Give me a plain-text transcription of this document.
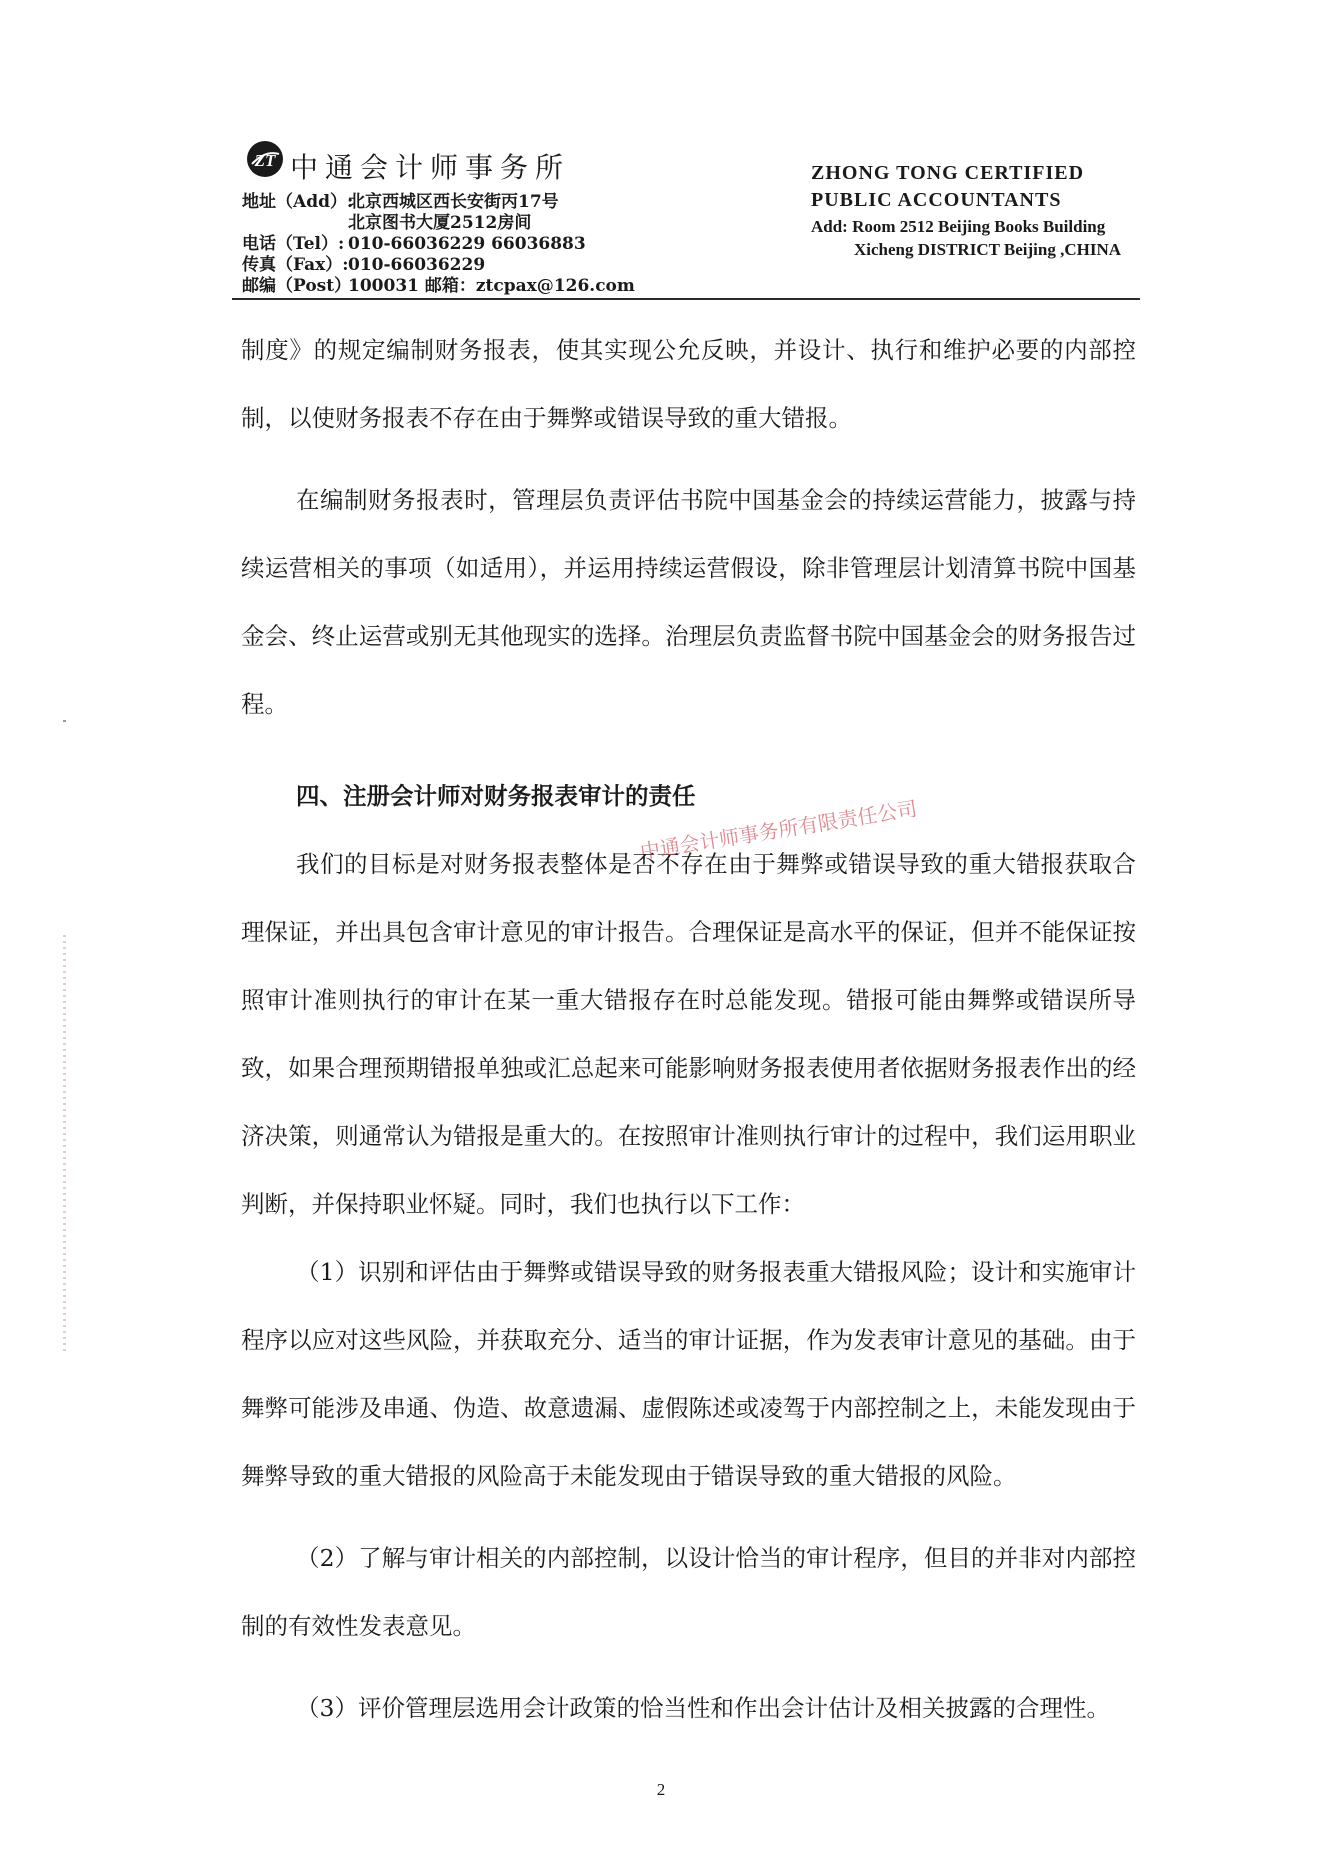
ZT 中通会计师事务所
地址（Add）:北京西城区西长安街丙17号
北京图书大厦2512房间
电话（Tel）: 010-66036229 66036883
传真（Fax）:010-66036229
邮编（Post）:100031 邮箱：ztcpax@126.com
ZHONG TONG CERTIFIED
PUBLIC ACCOUNTANTS
Add: Room 2512 Beijing Books Building
Xicheng DISTRICT Beijing ,CHINA

制度》的规定编制财务报表，使其实现公允反映，并设计、执行和维护必要的内部控制，以使财务报表不存在由于舞弊或错误导致的重大错报。

在编制财务报表时，管理层负责评估书院中国基金会的持续运营能力，披露与持续运营相关的事项（如适用），并运用持续运营假设，除非管理层计划清算书院中国基金会、终止运营或别无其他现实的选择。治理层负责监督书院中国基金会的财务报告过程。

四、注册会计师对财务报表审计的责任

我们的目标是对财务报表整体是否不存在由于舞弊或错误导致的重大错报获取合理保证，并出具包含审计意见的审计报告。合理保证是高水平的保证，但并不能保证按照审计准则执行的审计在某一重大错报存在时总能发现。错报可能由舞弊或错误所导致，如果合理预期错报单独或汇总起来可能影响财务报表使用者依据财务报表作出的经济决策，则通常认为错报是重大的。在按照审计准则执行审计的过程中，我们运用职业判断，并保持职业怀疑。同时，我们也执行以下工作：

（1）识别和评估由于舞弊或错误导致的财务报表重大错报风险；设计和实施审计程序以应对这些风险，并获取充分、适当的审计证据，作为发表审计意见的基础。由于舞弊可能涉及串通、伪造、故意遗漏、虚假陈述或凌驾于内部控制之上，未能发现由于舞弊导致的重大错报的风险高于未能发现由于错误导致的重大错报的风险。

（2）了解与审计相关的内部控制，以设计恰当的审计程序，但目的并非对内部控制的有效性发表意见。

（3）评价管理层选用会计政策的恰当性和作出会计估计及相关披露的合理性。

中通会计师事务所有限责任公司
2
